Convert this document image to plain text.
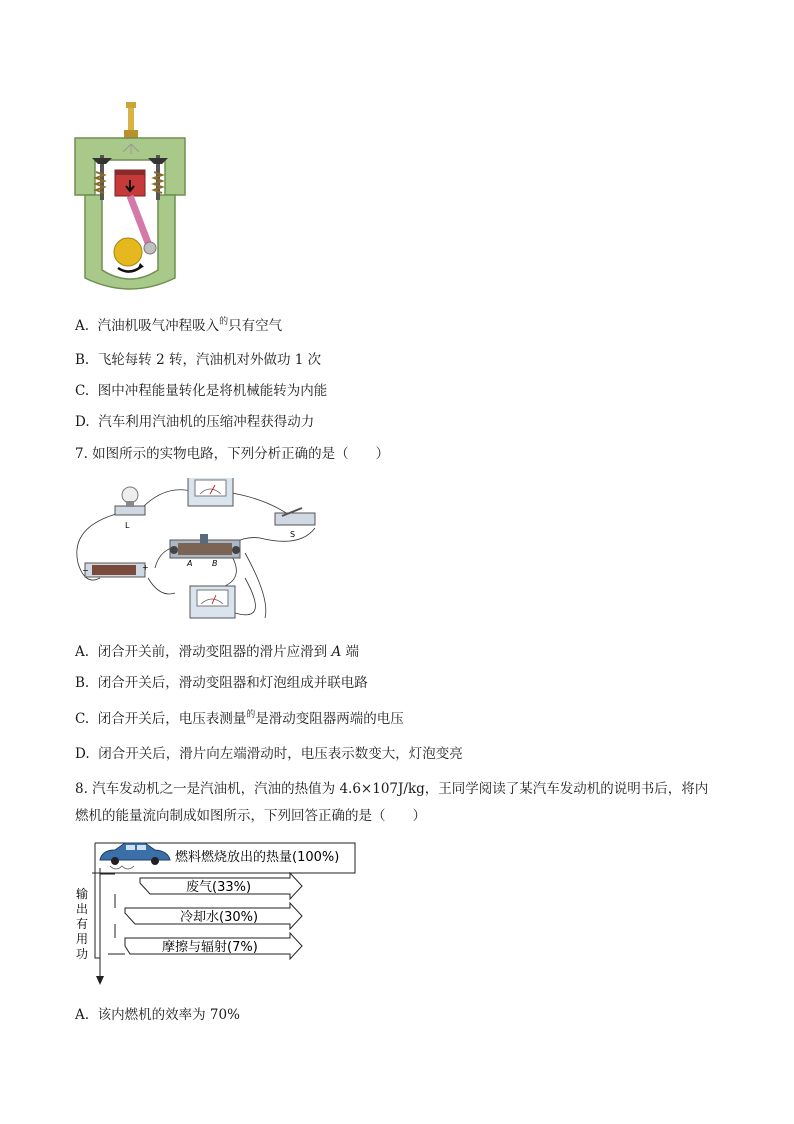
A. 汽油机吸气冲程吸入$^的$只有空气
B. 飞轮每转 2 转，汽油机对外做功 1 次
C. 图中冲程能量转化是将机械能转为内能
D. 汽车利用汽油机的压缩冲程获得动力
7. 如图所示的实物电路，下列分析正确的是（　　）
L
S
−	+	A B
A. 闭合开关前，滑动变阻器的滑片应滑到 A 端
B. 闭合开关后，滑动变阻器和灯泡组成并联电路
C. 闭合开关后，电压表测量$^的$是滑动变阻器两端的电压
D. 闭合开关后，滑片向左端滑动时，电压表示数变大，灯泡变亮
8. 汽车发动机之一是汽油机，汽油的热值为 4.6×107J/kg，王同学阅读了某汽车发动机的说明书后，将内
燃机的能量流向制成如图所示，下列回答正确的是（　　）
燃料燃烧放出的热量(100%)
废气(33%)
冷却水(30%)
摩擦与辐射(7%)
输
出
有
用
功
A. 该内燃机的效率为 70%
